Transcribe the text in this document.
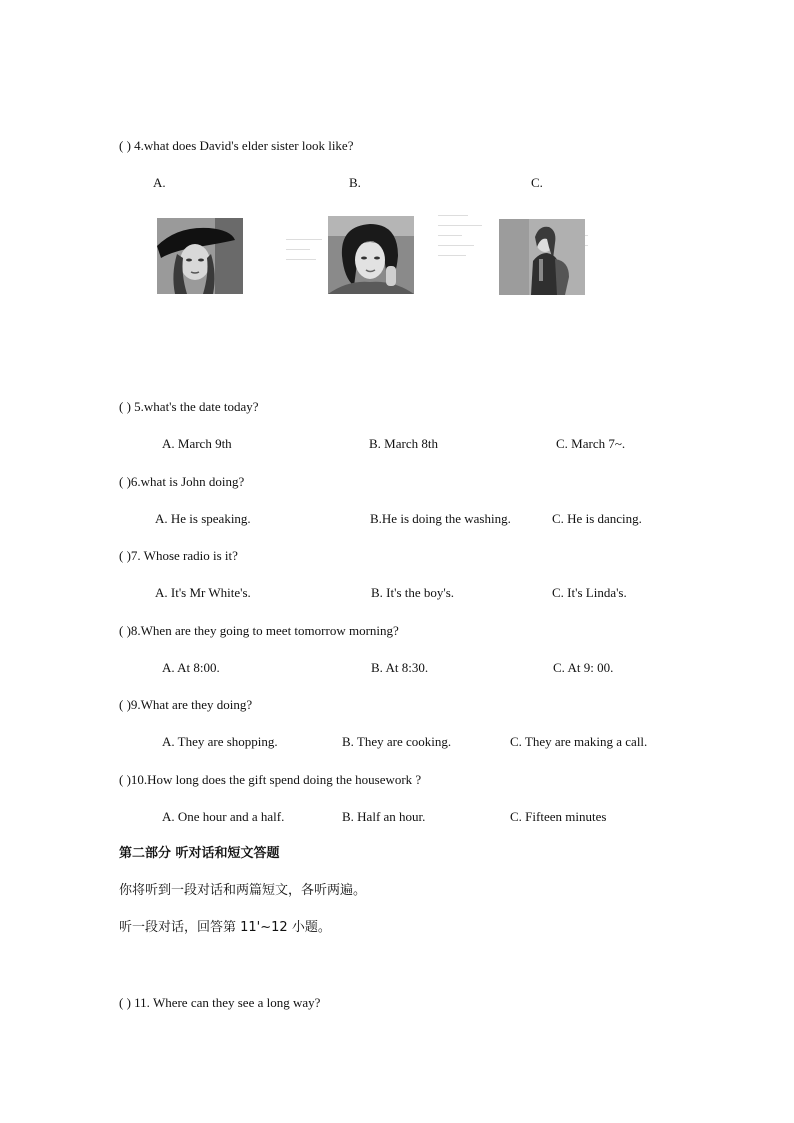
( ) 4.what does David's elder sister look like?
A.	B.	C.
( ) 5.what's the date today?
A. March 9th	B. March 8th	C. March 7~.
( )6.what is John doing?
A. He is speaking.	B.He is doing the washing.	C. He is dancing.
( )7. Whose radio is it?
A. It's Mr White's.	B. It's the boy's.	C. It's Linda's.
( )8.When are they going to meet tomorrow morning?
A. At 8:00.	B. At 8:30.	C. At 9: 00.
( )9.What are they doing?
A. They are shopping.	B. They are cooking.	C. They are making a call.
( )10.How long does the gift spend doing the housework ?
A. One hour and a half.	B. Half an hour.	C. Fifteen minutes
第二部分 听对话和短文答题
你将听到一段对话和两篇短文，各听两遍。
听一段对话，回答第 11'~12 小题。
( ) 11. Where can they see a long way?
